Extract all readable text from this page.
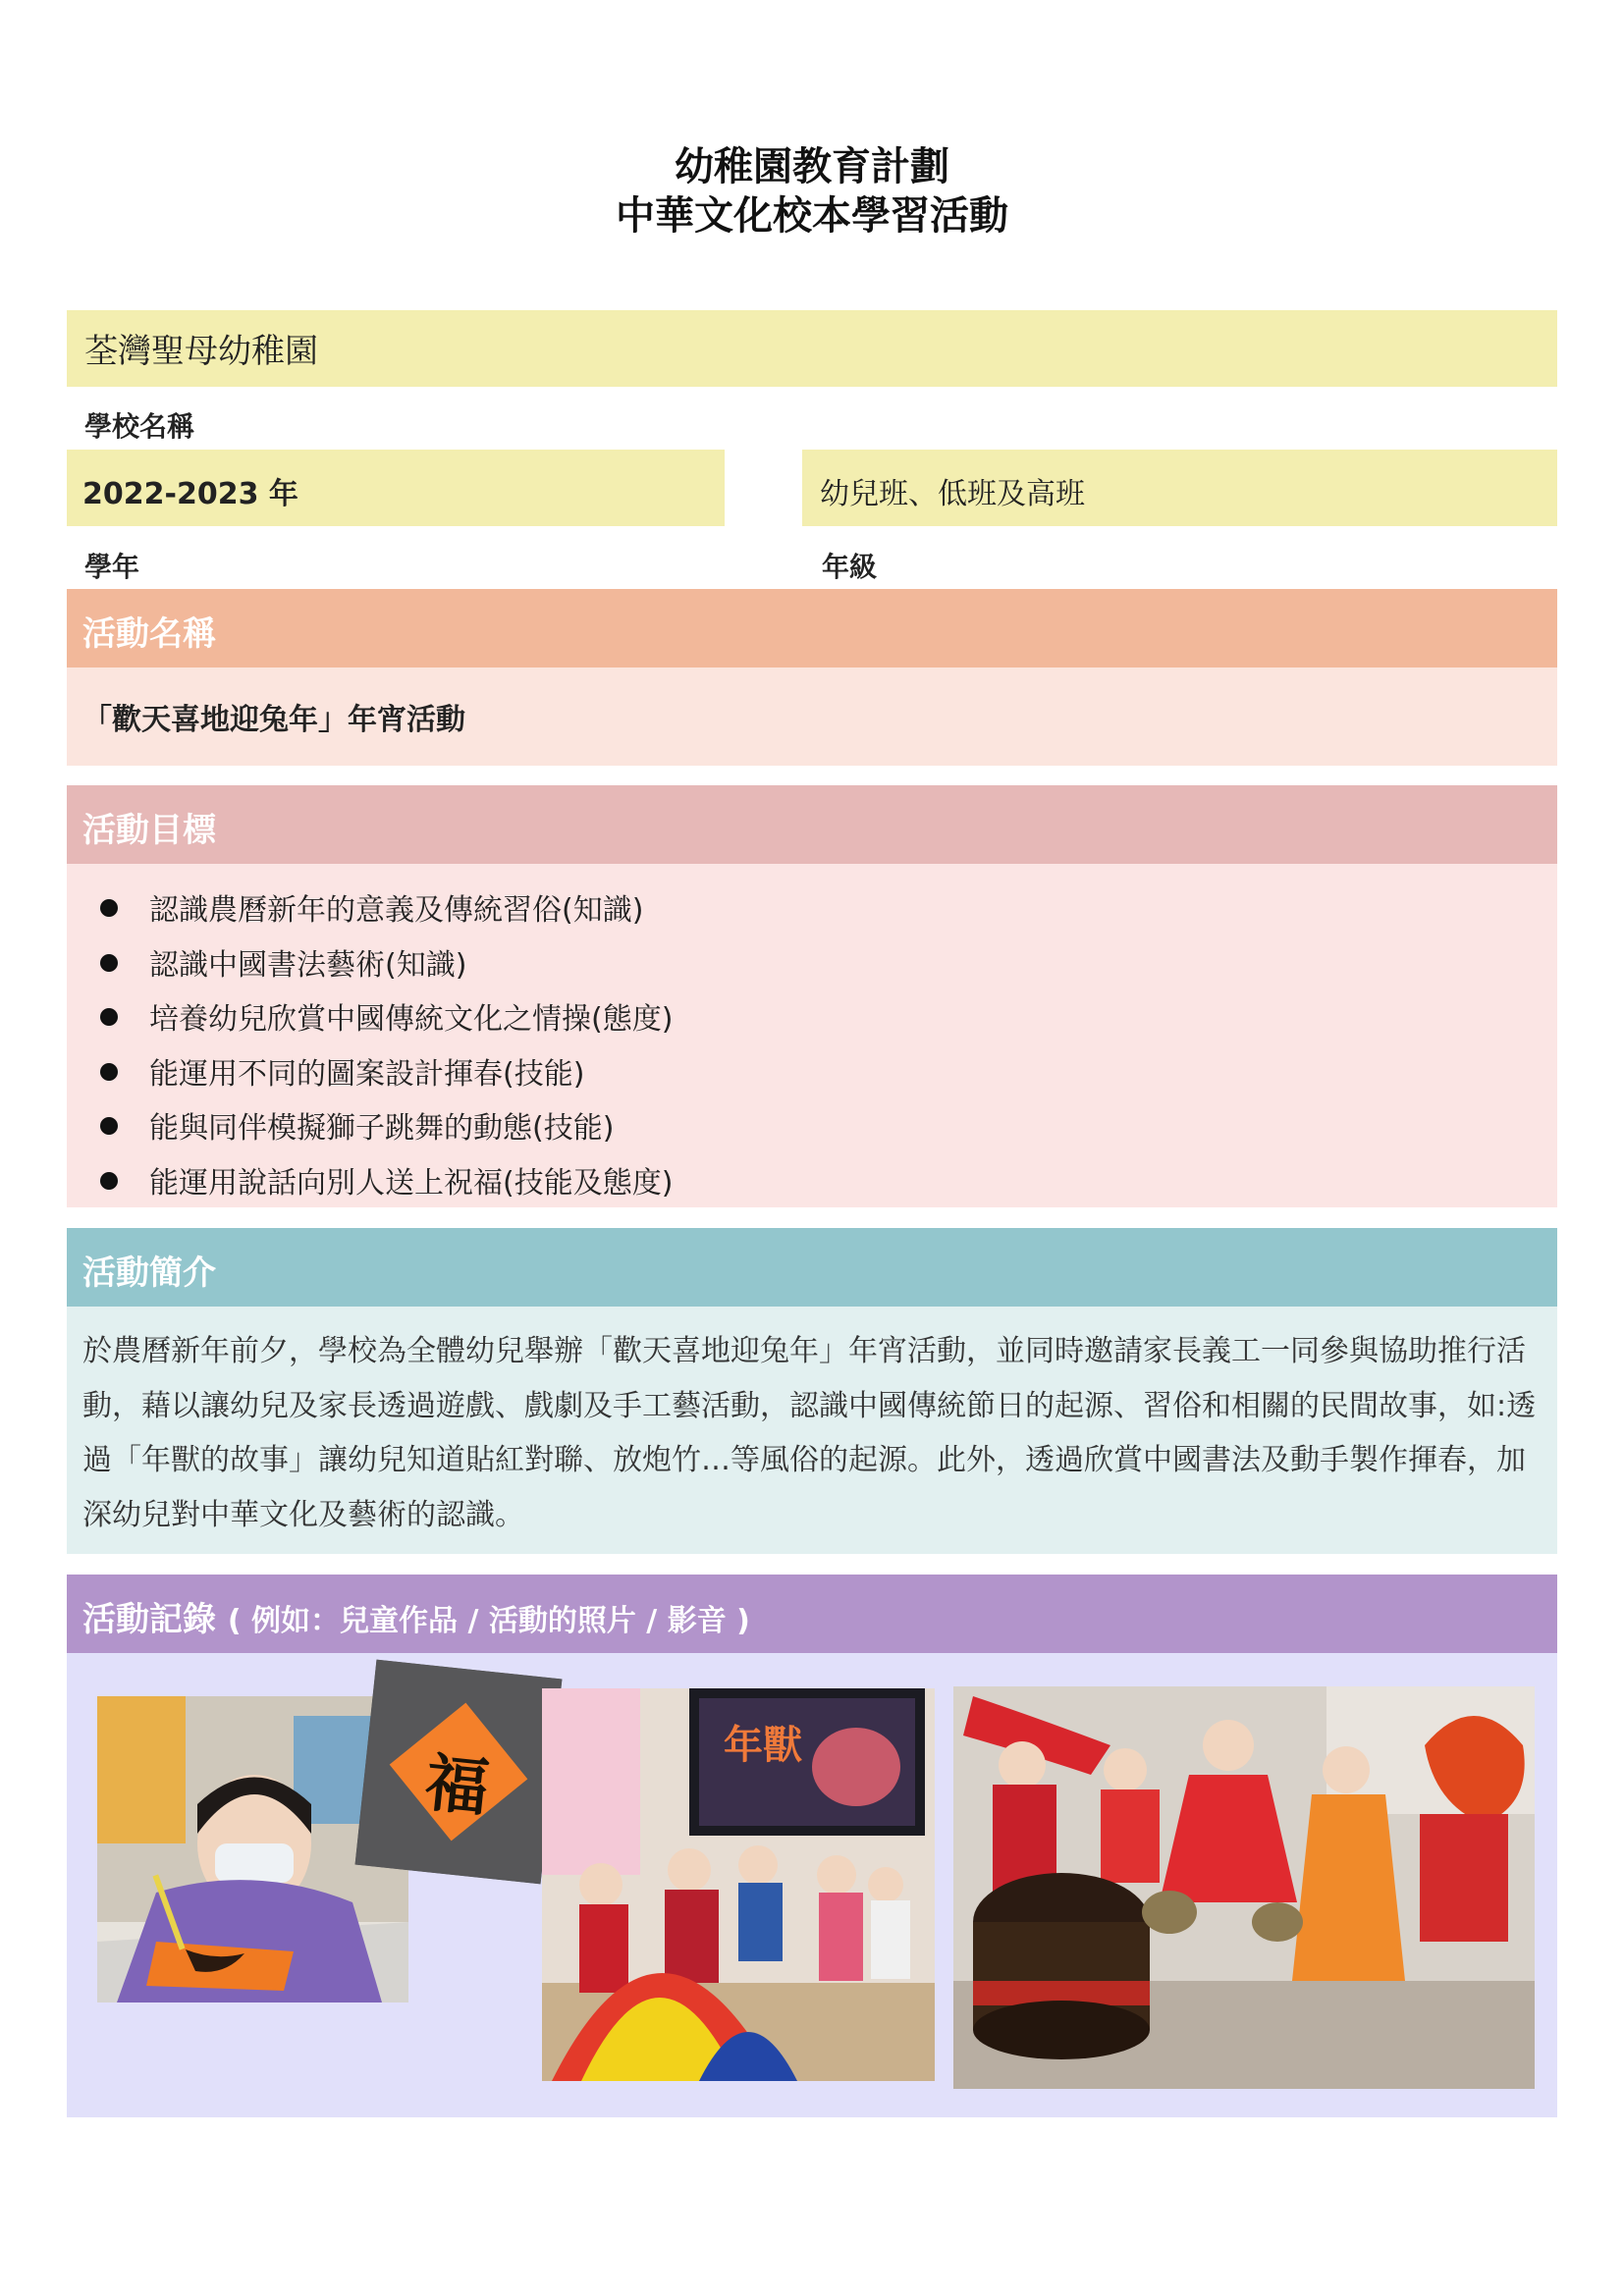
幼稚園教育計劃
中華文化校本學習活動
荃灣聖母幼稚園
學校名稱
2022-2023 年
學年
幼兒班、低班及高班
年級
活動名稱
「歡天喜地迎兔年」年宵活動
活動目標
認識農曆新年的意義及傳統習俗(知識)
認識中國書法藝術(知識)
培養幼兒欣賞中國傳統文化之情操(態度)
能運用不同的圖案設計揮春(技能)
能與同伴模擬獅子跳舞的動態(技能)
能運用說話向別人送上祝福(技能及態度)
活動簡介
於農曆新年前夕，學校為全體幼兒舉辦「歡天喜地迎兔年」年宵活動，並同時邀請家長義工一同參與協助推行活動，藉以讓幼兒及家長透過遊戲、戲劇及手工藝活動，認識中國傳統節日的起源、習俗和相關的民間故事，如:透過「年獸的故事」讓幼兒知道貼紅對聯、放炮竹…等風俗的起源。此外，透過欣賞中國書法及動手製作揮春，加深幼兒對中華文化及藝術的認識。
活動記錄 ( 例如：兒童作品 / 活動的照片 / 影音 )
福
年獸
